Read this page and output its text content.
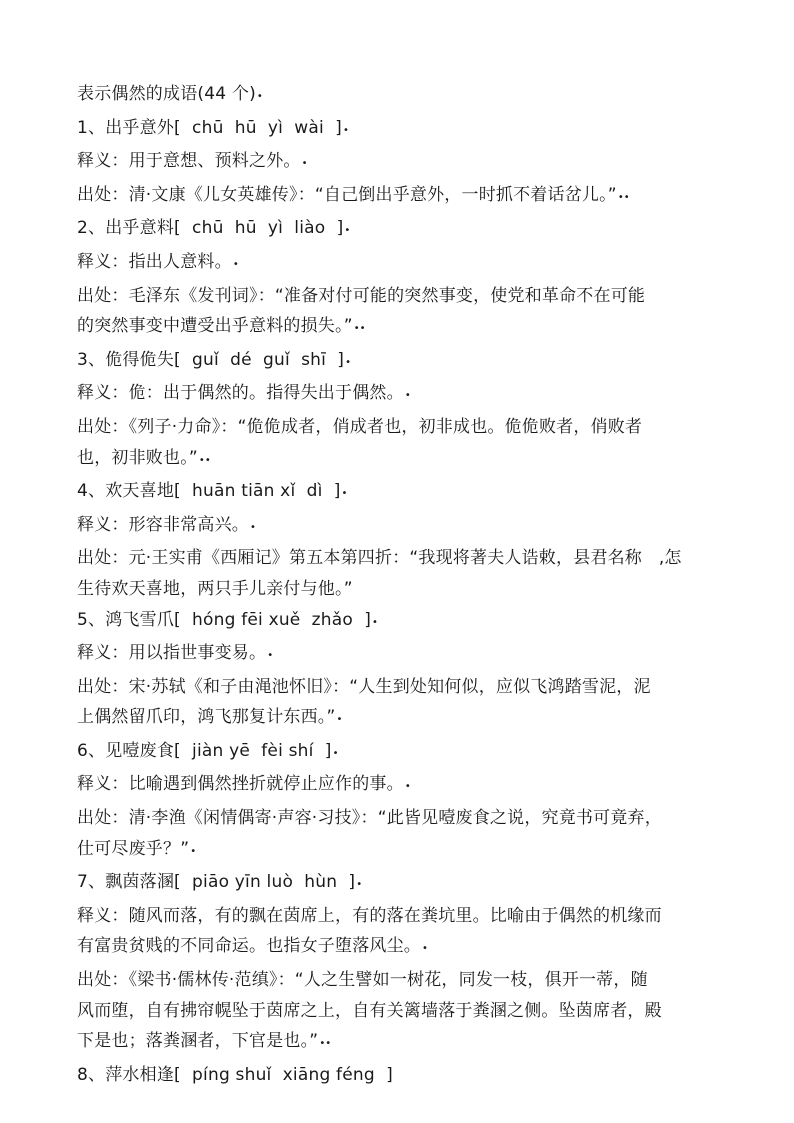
表示偶然的成语(44 个)•
1、出乎意外[  chū  hū  yì  wài  ]•
释义：用于意想、预料之外。•
出处：清·文康《儿女英雄传》：“自己倒出乎意外，一时抓不着话岔儿。”••
2、出乎意料[  chū  hū  yì  liào  ]•
释义：指出人意料。•
出处：毛泽东《发刊词》：“准备对付可能的突然事变，使党和革命不在可能
的突然事变中遭受出乎意料的损失。”••
3、佹得佹失[  guǐ  dé  guǐ  shī  ]•
释义：佹：出于偶然的。指得失出于偶然。•
出处：《列子·力命》：“佹佹成者，俏成者也，初非成也。佹佹败者，俏败者
也，初非败也。”••
4、欢天喜地[  huān tiān xǐ  dì  ]•
释义：形容非常高兴。•
出处：元·王实甫《西厢记》第五本第四折：“我现将著夫人诰敕，县君名称   ,怎
生待欢天喜地，两只手儿亲付与他。”
5、鸿飞雪爪[  hóng fēi xuě  zhǎo  ]•
释义：用以指世事变易。•
出处：宋·苏轼《和子由渑池怀旧》：“人生到处知何似，应似飞鸿踏雪泥，泥
上偶然留爪印，鸿飞那复计东西。”•
6、见噎废食[  jiàn yē  fèi shí  ]•
释义：比喻遇到偶然挫折就停止应作的事。•
出处：清·李渔《闲情偶寄·声容·习技》：“此皆见噎废食之说，究竟书可竟弃，
仕可尽废乎？”•
7、飘茵落溷[  piāo yīn luò  hùn  ]•
释义：随风而落，有的飘在茵席上，有的落在粪坑里。比喻由于偶然的机缘而
有富贵贫贱的不同命运。也指女子堕落风尘。•
出处：《梁书·儒林传·范缜》：“人之生譬如一树花，同发一枝，俱开一蒂，随
风而堕，自有拂帘幌坠于茵席之上，自有关篱墙落于粪溷之侧。坠茵席者，殿
下是也；落粪溷者，下官是也。”••
8、萍水相逢[  píng shuǐ  xiāng féng  ]
